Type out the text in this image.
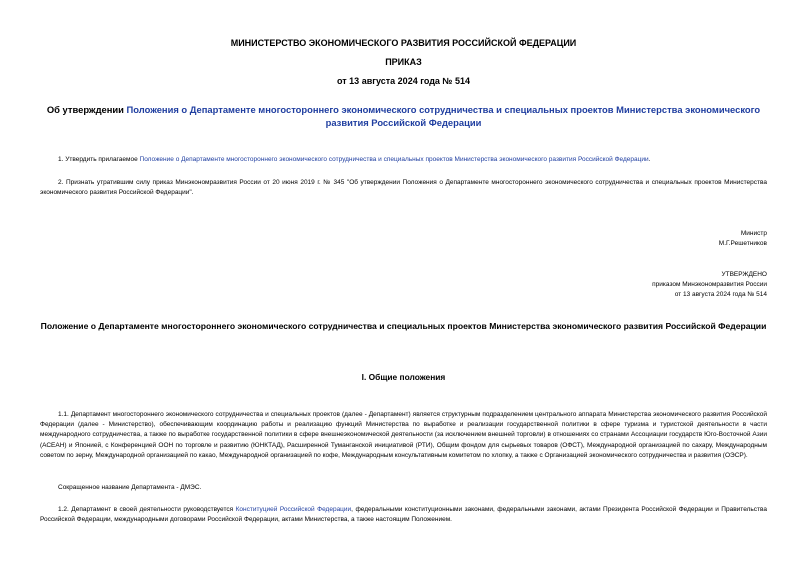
МИНИСТЕРСТВО ЭКОНОМИЧЕСКОГО РАЗВИТИЯ РОССИЙСКОЙ ФЕДЕРАЦИИ
ПРИКАЗ
от 13 августа 2024 года № 514
Об утверждении Положения о Департаменте многостороннего экономического сотрудничества и специальных проектов Министерства экономического развития Российской Федерации
1. Утвердить прилагаемое Положение о Департаменте многостороннего экономического сотрудничества и специальных проектов Министерства экономического развития Российской Федерации.
2. Признать утратившим силу приказ Минэкономразвития России от 20 июня 2019 г. № 345 "Об утверждении Положения о Департаменте многостороннего экономического сотрудничества и специальных проектов Министерства экономического развития Российской Федерации".
Министр
М.Г.Решетников
УТВЕРЖДЕНО
приказом Минэкономразвития России
от 13 августа 2024 года № 514
Положение о Департаменте многостороннего экономического сотрудничества и специальных проектов Министерства экономического развития Российской Федерации
I. Общие положения
1.1. Департамент многостороннего экономического сотрудничества и специальных проектов (далее - Департамент) является структурным подразделением центрального аппарата Министерства экономического развития Российской Федерации (далее - Министерство), обеспечивающим координацию работы и реализацию функций Министерства по выработке и реализации государственной политики в сфере туризма и туристской деятельности в части международного сотрудничества, а также по выработке государственной политики в сфере внешнеэкономической деятельности (за исключением внешней торговли) в отношениях со странами Ассоциации государств Юго-Восточной Азии (АСЕАН) и Японией, с Конференцией ООН по торговле и развитию (ЮНКТАД), Расширенной Туманганской инициативой (РТИ), Общим фондом для сырьевых товаров (ОФСТ), Международной организацией по сахару, Международным советом по зерну, Международной организацией по какао, Международной организацией по кофе, Международным консультативным комитетом по хлопку, а также с Организацией экономического сотрудничества и развития (ОЭСР).
Сокращенное название Департамента - ДМЭС.
1.2. Департамент в своей деятельности руководствуется Конституцией Российской Федерации, федеральными конституционными законами, федеральными законами, актами Президента Российской Федерации и Правительства Российской Федерации, международными договорами Российской Федерации, актами Министерства, а также настоящим Положением.
